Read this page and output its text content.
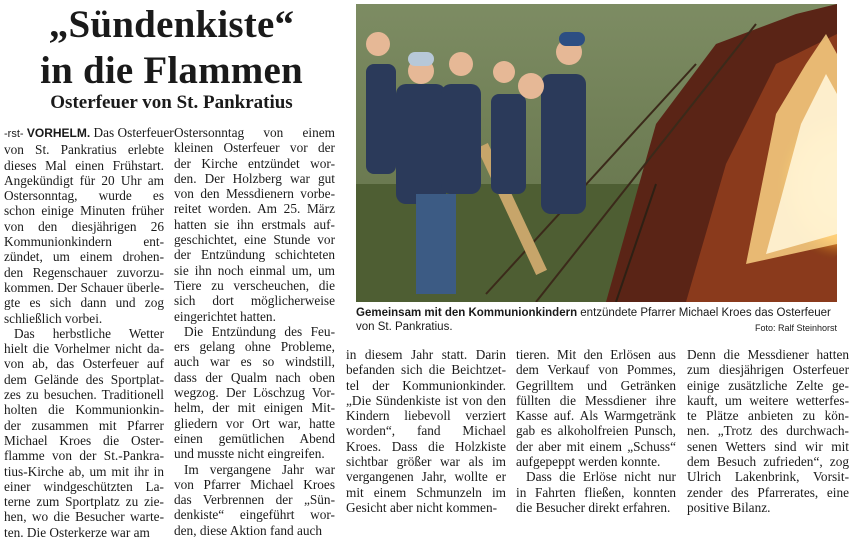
„Sündenkiste“
in die Flammen
Osterfeuer von St. Pankratius

-rst- VORHELM. Das Osterfeuer

von St. Pankratius erlebte

dieses Mal einen Frühstart.

Angekündigt für 20 Uhr am

Ostersonntag, wurde es

schon einige Minuten früher

von den diesjährigen 26

Kommunionkindern ent-

zündet, um einem drohen-

den Regenschauer zuvorzu-

kommen. Der Schauer überle-

gte es sich dann und zog

schließlich vorbei.

Das herbstliche Wetter

hielt die Vorhelmer nicht da-

von ab, das Osterfeuer auf

dem Gelände des Sportplat-

zes zu besuchen. Traditionell

holten die Kommunionkin-

der zusammen mit Pfarrer

Michael Kroes die Oster-

flamme von der St.-Pankra-

tius-Kirche ab, um mit ihr in

einer windgeschützten La-

terne zum Sportplatz zu zie-

hen, wo die Besucher warte-

ten. Die Osterkerze war am

Ostersonntag von einem

kleinen Osterfeuer vor der

der Kirche entzündet wor-

den. Der Holzberg war gut

von den Messdienern vorbe-

reitet worden. Am 25. März

hatten sie ihn erstmals auf-

geschichtet, eine Stunde vor

der Entzündung schichteten

sie ihn noch einmal um, um

Tiere zu verscheuchen, die

sich dort möglicherweise

eingerichtet hatten.

Die Entzündung des Feu-

ers gelang ohne Probleme,

auch war es so windstill,

dass der Qualm nach oben

wegzog. Der Löschzug Vor-

helm, der mit einigen Mit-

gliedern vor Ort war, hatte

einen gemütlichen Abend

und musste nicht eingreifen.

Im vergangene Jahr war

von Pfarrer Michael Kroes

das Verbrennen der „Sün-

denkiste“ eingeführt wor-

den, diese Aktion fand auch

in diesem Jahr statt. Darin

befanden sich die Beichtzet-

tel der Kommunionkinder.

„Die Sündenkiste ist von den

Kindern liebevoll verziert

worden“, fand Michael

Kroes. Dass die Holzkiste

sichtbar größer war als im

vergangenen Jahr, wollte er

mit einem Schmunzeln im

Gesicht aber nicht kommen-

tieren. Mit den Erlösen aus

dem Verkauf von Pommes,

Gegrilltem und Getränken

füllten die Messdiener ihre

Kasse auf. Als Warmgetränk

gab es alkoholfreien Punsch,

der aber mit einem „Schuss“

aufgepeppt werden konnte.

Dass die Erlöse nicht nur

in Fahrten fließen, konnten

die Besucher direkt erfahren.

Denn die Messdiener hatten

zum diesjährigen Osterfeuer

einige zusätzliche Zelte ge-

kauft, um weitere wetterfes-

te Plätze anbieten zu kön-

nen. „Trotz des durchwach-

senen Wetters sind wir mit

dem Besuch zufrieden“, zog

Ulrich Lakenbrink, Vorsit-

zender des Pfarrerates, eine

positive Bilanz.

Gemeinsam mit den Kommunionkindern entzündete Pfarrer Michael Kroes das Osterfeuer von St. Pankratius.	Foto: Ralf Steinhorst
